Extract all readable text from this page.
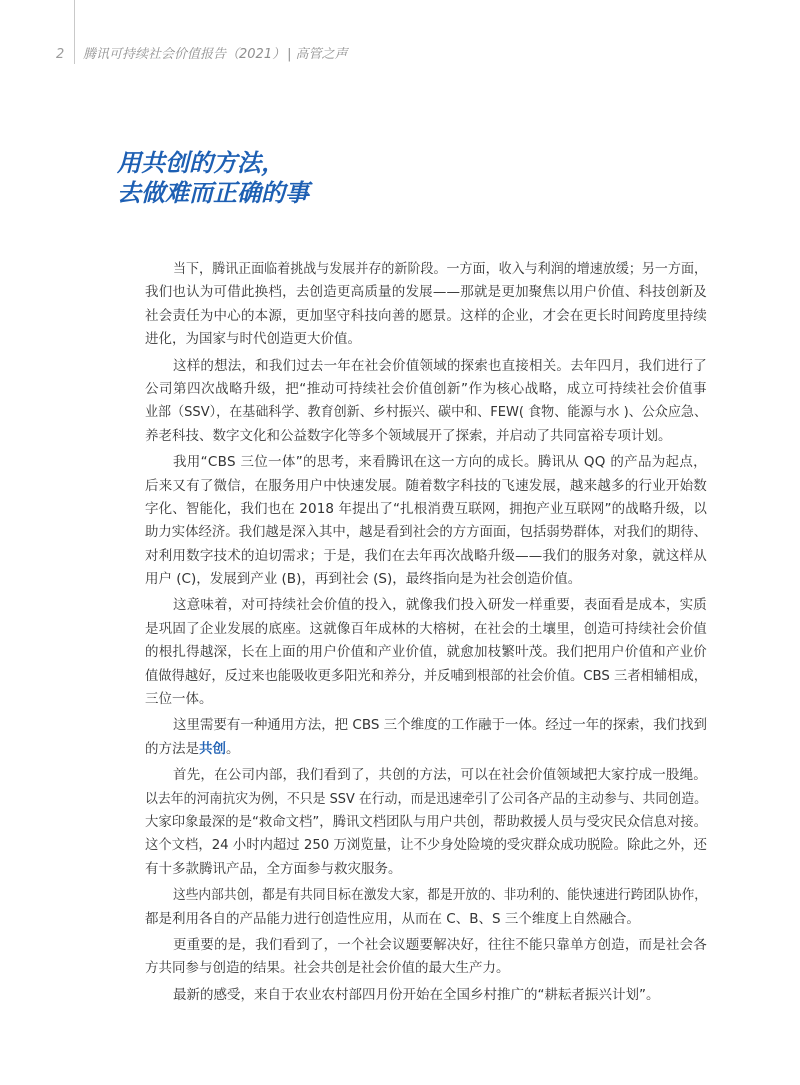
2 腾讯可持续社会价值报告（2021） | 高管之声
用共创的方法，
去做难而正确的事
当下，腾讯正面临着挑战与发展并存的新阶段。一方面，收入与利润的增速放缓；另一方面，
我们也认为可借此换档，去创造更高质量的发展——那就是更加聚焦以用户价值、科技创新及
社会责任为中心的本源，更加坚守科技向善的愿景。这样的企业，才会在更长时间跨度里持续
进化，为国家与时代创造更大价值。
这样的想法，和我们过去一年在社会价值领域的探索也直接相关。去年四月，我们进行了
公司第四次战略升级，把“推动可持续社会价值创新”作为核心战略，成立可持续社会价值事
业部（SSV），在基础科学、教育创新、乡村振兴、碳中和、FEW( 食物、能源与水 )、公众应急、
养老科技、数字文化和公益数字化等多个领域展开了探索，并启动了共同富裕专项计划。
我用“CBS 三位一体”的思考，来看腾讯在这一方向的成长。腾讯从 QQ 的产品为起点，
后来又有了微信，在服务用户中快速发展。随着数字科技的飞速发展，越来越多的行业开始数
字化、智能化，我们也在 2018 年提出了“扎根消费互联网，拥抱产业互联网”的战略升级，以
助力实体经济。我们越是深入其中，越是看到社会的方方面面，包括弱势群体，对我们的期待、
对利用数字技术的迫切需求；于是，我们在去年再次战略升级——我们的服务对象，就这样从
用户 (C)，发展到产业 (B)，再到社会 (S)，最终指向是为社会创造价值。
这意味着，对可持续社会价值的投入，就像我们投入研发一样重要，表面看是成本，实质
是巩固了企业发展的底座。这就像百年成林的大榕树，在社会的土壤里，创造可持续社会价值
的根扎得越深，长在上面的用户价值和产业价值，就愈加枝繁叶茂。我们把用户价值和产业价
值做得越好，反过来也能吸收更多阳光和养分，并反哺到根部的社会价值。CBS 三者相辅相成，
三位一体。
这里需要有一种通用方法，把 CBS 三个维度的工作融于一体。经过一年的探索，我们找到
的方法是共创。
首先，在公司内部，我们看到了，共创的方法，可以在社会价值领域把大家拧成一股绳。
以去年的河南抗灾为例，不只是 SSV 在行动，而是迅速牵引了公司各产品的主动参与、共同创造。
大家印象最深的是“救命文档”，腾讯文档团队与用户共创，帮助救援人员与受灾民众信息对接。
这个文档，24 小时内超过 250 万浏览量，让不少身处险境的受灾群众成功脱险。除此之外，还
有十多款腾讯产品，全方面参与救灾服务。
这些内部共创，都是有共同目标在激发大家，都是开放的、非功利的、能快速进行跨团队协作，
都是利用各自的产品能力进行创造性应用，从而在 C、B、S 三个维度上自然融合。
更重要的是，我们看到了，一个社会议题要解决好，往往不能只靠单方创造，而是社会各
方共同参与创造的结果。社会共创是社会价值的最大生产力。
最新的感受，来自于农业农村部四月份开始在全国乡村推广的“耕耘者振兴计划”。
